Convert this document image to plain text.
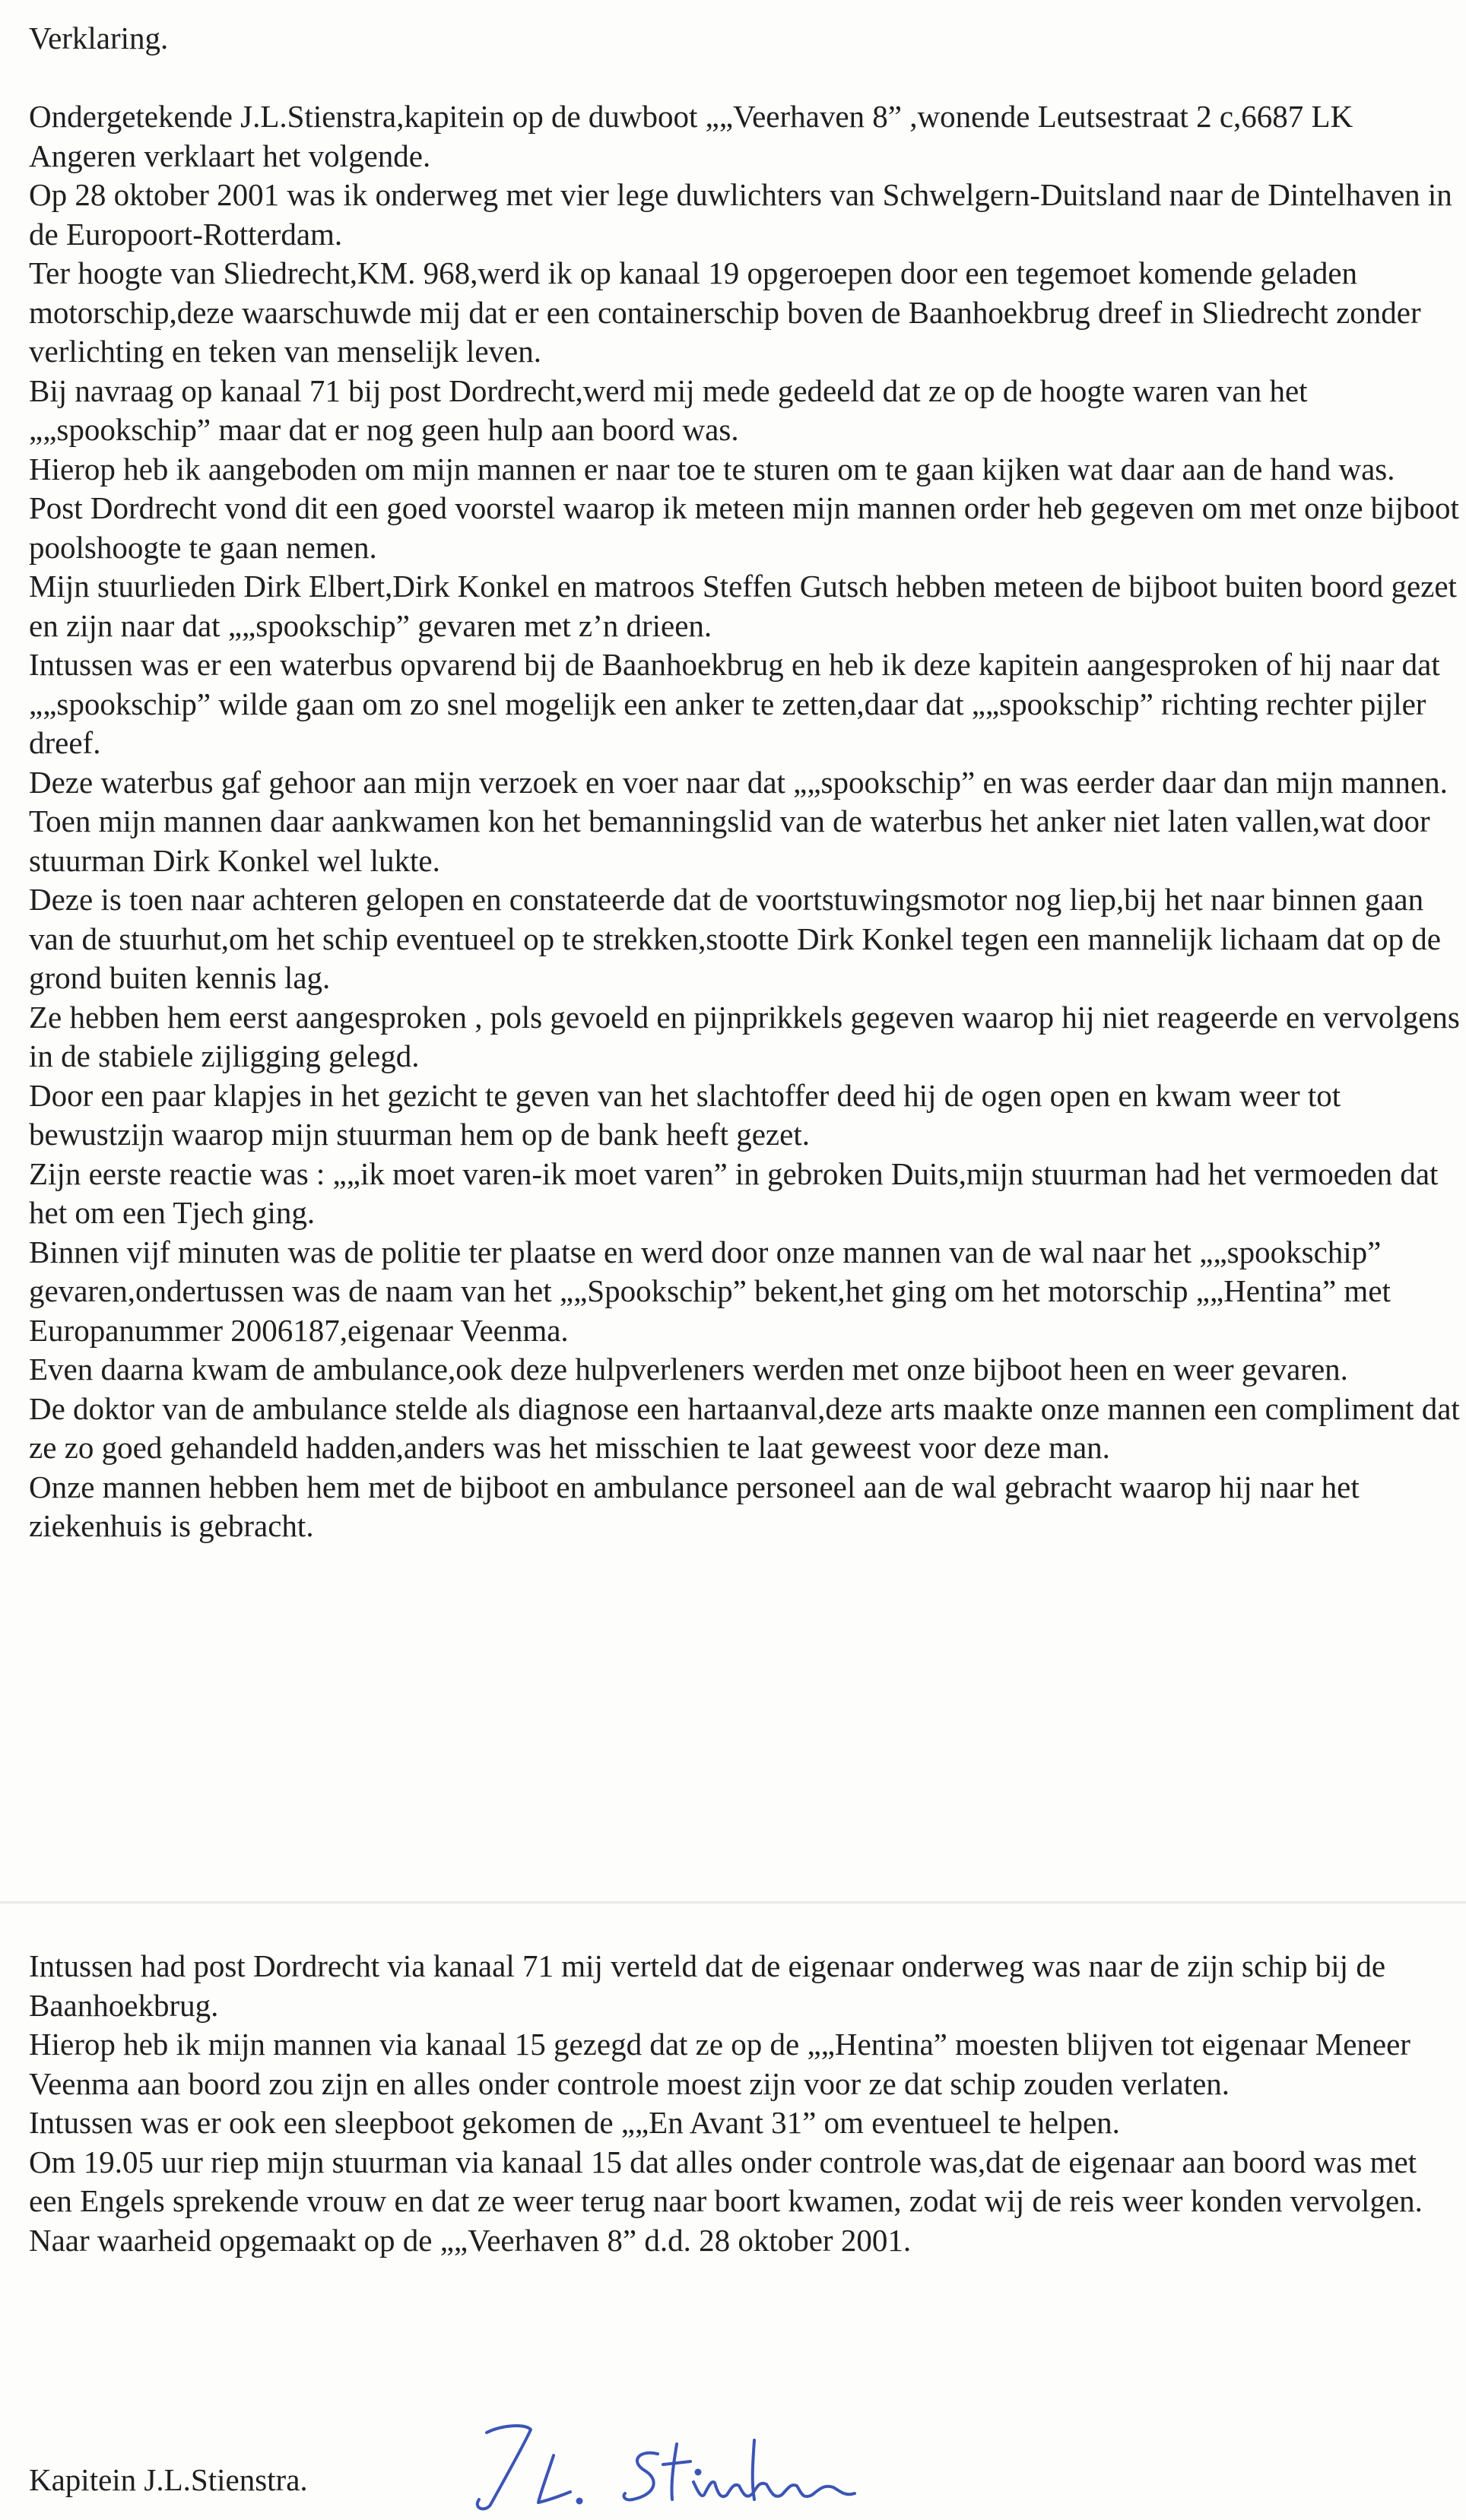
Verklaring.

Ondergetekende J.L.Stienstra,kapitein op de duwboot „„Veerhaven 8” ,wonende Leutsestraat 2 c,6687 LK Angeren verklaart het volgende.

Op 28 oktober 2001 was ik onderweg met vier lege duwlichters van Schwelgern-Duitsland naar de Dintelhaven in de Europoort-Rotterdam.

Ter hoogte van Sliedrecht,KM. 968,werd ik op kanaal 19 opgeroepen door een tegemoet komende geladen motorschip,deze waarschuwde mij dat er een containerschip boven de Baanhoekbrug dreef in Sliedrecht zonder verlichting en teken van menselijk leven.

Bij navraag op kanaal 71 bij post Dordrecht,werd mij mede gedeeld dat ze op de hoogte waren van het „„spookschip” maar dat er nog geen hulp aan boord was.

Hierop heb ik aangeboden om mijn mannen er naar toe te sturen om te gaan kijken wat daar aan de hand was.

Post Dordrecht vond dit een goed voorstel waarop ik meteen mijn mannen order heb gegeven om met onze bijboot poolshoogte te gaan nemen.

Mijn stuurlieden Dirk Elbert,Dirk Konkel en matroos Steffen Gutsch hebben meteen de bijboot buiten boord gezet en zijn naar dat „„spookschip” gevaren met z’n drieen.

Intussen was er een waterbus opvarend bij de Baanhoekbrug en heb ik deze kapitein aangesproken of hij naar dat „„spookschip” wilde gaan om zo snel mogelijk een anker te zetten,daar dat „„spookschip” richting rechter pijler dreef.

Deze waterbus gaf gehoor aan mijn verzoek en voer naar dat „„spookschip” en was eerder daar dan mijn mannen.

Toen mijn mannen daar aankwamen kon het bemanningslid van de waterbus het anker niet laten vallen,wat door stuurman Dirk Konkel wel lukte.

Deze is toen naar achteren gelopen en constateerde dat de voortstuwingsmotor nog liep,bij het naar binnen gaan van de stuurhut,om het schip eventueel op te strekken,stootte Dirk Konkel tegen een mannelijk lichaam dat op de grond buiten kennis lag.

Ze hebben hem eerst aangesproken , pols gevoeld en pijnprikkels gegeven waarop hij niet reageerde en vervolgens in de stabiele zijligging gelegd.

Door een paar klapjes in het gezicht te geven van het slachtoffer deed hij de ogen open en kwam weer tot bewustzijn waarop mijn stuurman hem op de bank heeft gezet.

Zijn eerste reactie was : „„ik moet varen-ik moet varen” in gebroken Duits,mijn stuurman had het vermoeden dat het om een Tjech ging.

Binnen vijf minuten was de politie ter plaatse en werd door onze mannen van de wal naar het „„spookschip” gevaren,ondertussen was de naam van het „„Spookschip” bekent,het ging om het motorschip „„Hentina” met Europanummer 2006187,eigenaar Veenma.

Even daarna kwam de ambulance,ook deze hulpverleners werden met onze bijboot heen en weer gevaren.

De doktor van de ambulance stelde als diagnose een hartaanval,deze arts maakte onze mannen een compliment dat ze zo goed gehandeld hadden,anders was het misschien te laat geweest voor deze man.

Onze mannen hebben hem met de bijboot en ambulance personeel aan de wal gebracht waarop hij naar het ziekenhuis is gebracht.

Intussen had post Dordrecht via kanaal 71 mij verteld dat de eigenaar onderweg was naar de zijn schip bij de Baanhoekbrug.

Hierop heb ik mijn mannen via kanaal 15 gezegd dat ze op de „„Hentina” moesten blijven tot eigenaar Meneer Veenma aan boord zou zijn en alles onder controle moest zijn voor ze dat schip zouden verlaten.

Intussen was er ook een sleepboot gekomen de „„En Avant 31” om eventueel te helpen.

Om 19.05 uur riep mijn stuurman via kanaal 15 dat alles onder controle was,dat de eigenaar aan boord was met een Engels sprekende vrouw en dat ze weer terug naar boort kwamen, zodat wij de reis weer konden vervolgen.

Naar waarheid opgemaakt op de „„Veerhaven 8” d.d. 28 oktober 2001.

Kapitein J.L.Stienstra.
